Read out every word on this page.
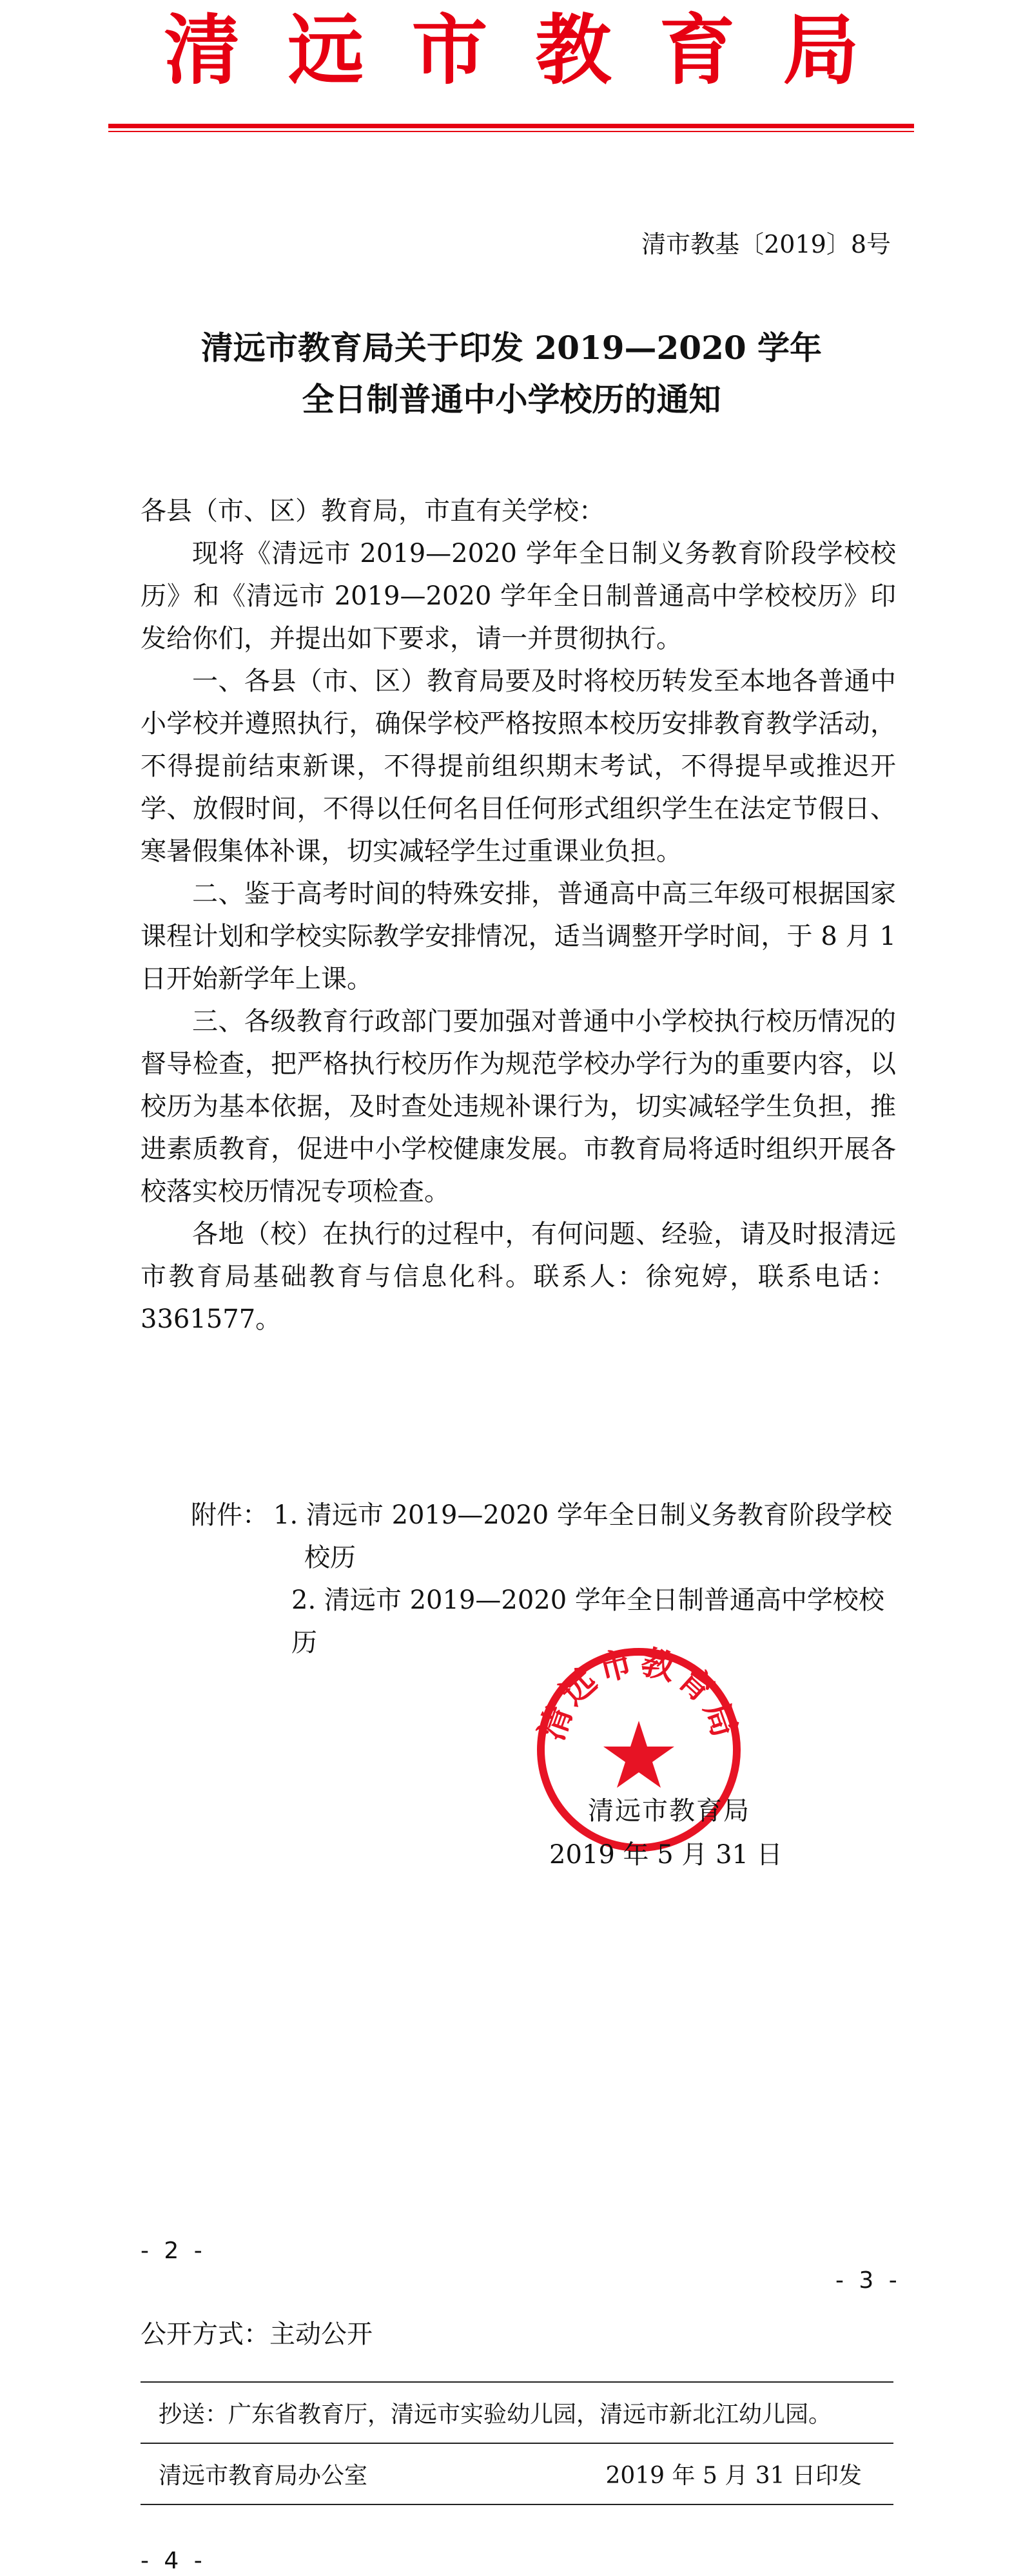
清远市教育局
清市教基〔2019〕8号
清远市教育局关于印发 2019—2020 学年
全日制普通中小学校历的通知

各县（市、区）教育局，市直有关学校：

现将《清远市 2019—2020 学年全日制义务教育阶段学校校历》和《清远市 2019—2020 学年全日制普通高中学校校历》印发给你们，并提出如下要求，请一并贯彻执行。

一、各县（市、区）教育局要及时将校历转发至本地各普通中小学校并遵照执行，确保学校严格按照本校历安排教育教学活动，不得提前结束新课，不得提前组织期末考试，不得提早或推迟开学、放假时间，不得以任何名目任何形式组织学生在法定节假日、寒暑假集体补课，切实减轻学生过重课业负担。

二、鉴于高考时间的特殊安排，普通高中高三年级可根据国家课程计划和学校实际教学安排情况，适当调整开学时间，于 8 月 1 日开始新学年上课。

三、各级教育行政部门要加强对普通中小学校执行校历情况的督导检查，把严格执行校历作为规范学校办学行为的重要内容，以校历为基本依据，及时查处违规补课行为，切实减轻学生负担，推进素质教育，促进中小学校健康发展。市教育局将适时组织开展各校落实校历情况专项检查。

各地（校）在执行的过程中，有何问题、经验，请及时报清远市教育局基础教育与信息化科。联系人：徐宛婷，联系电话：3361577。

附件： 1. 清远市 2019—2020 学年全日制义务教育阶段学校
校历
2. 清远市 2019—2020 学年全日制普通高中学校校历
清远市教育局
清远市教育局
2019 年 5 月 31 日
- 2 -
- 3 -
公开方式：主动公开
抄送：广东省教育厅，清远市实验幼儿园，清远市新北江幼儿园。
清远市教育局办公室	2019 年 5 月 31 日印发
- 4 -
